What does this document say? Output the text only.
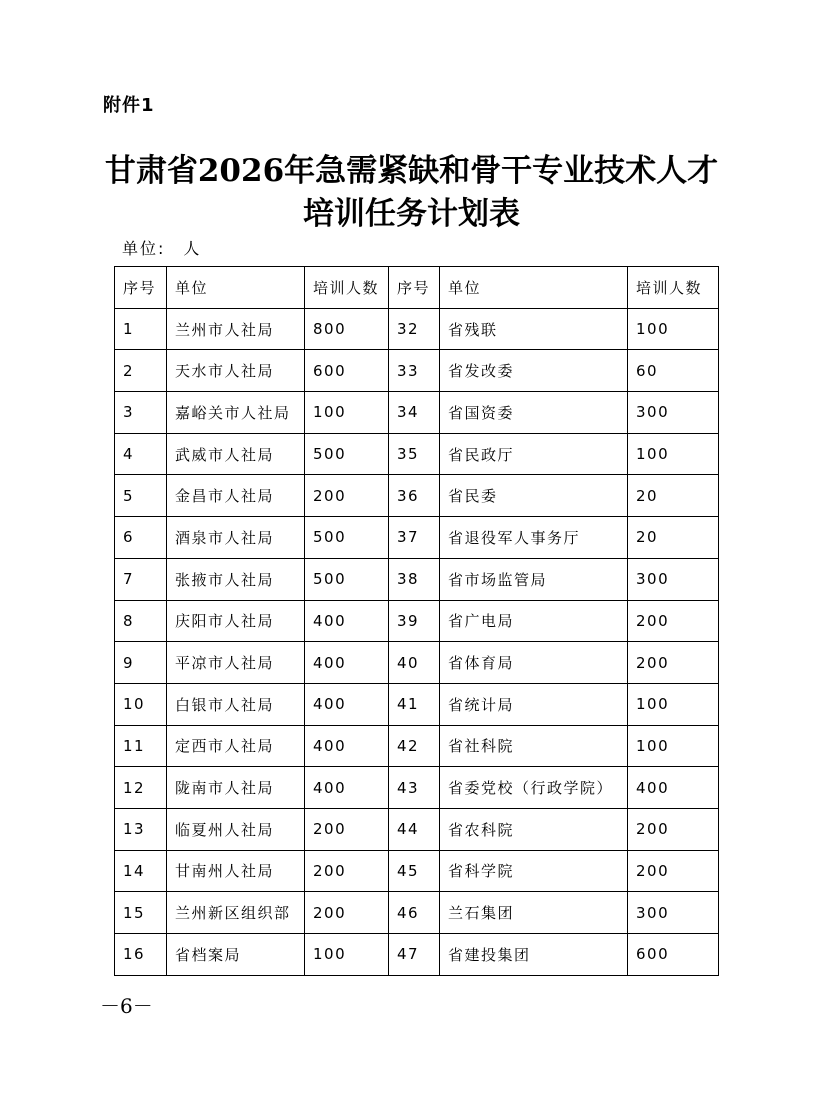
附件1
甘肃省2026年急需紧缺和骨干专业技术人才
培训任务计划表
单位: 人
序号	单位	培训人数	序号	单位	培训人数
1	兰州市人社局	800	32	省残联	100
2	天水市人社局	600	33	省发改委	60
3	嘉峪关市人社局	100	34	省国资委	300
4	武威市人社局	500	35	省民政厅	100
5	金昌市人社局	200	36	省民委	20
6	酒泉市人社局	500	37	省退役军人事务厅	20
7	张掖市人社局	500	38	省市场监管局	300
8	庆阳市人社局	400	39	省广电局	200
9	平凉市人社局	400	40	省体育局	200
10	白银市人社局	400	41	省统计局	100
11	定西市人社局	400	42	省社科院	100
12	陇南市人社局	400	43	省委党校（行政学院）	400
13	临夏州人社局	200	44	省农科院	200
14	甘南州人社局	200	45	省科学院	200
15	兰州新区组织部	200	46	兰石集团	300
16	省档案局	100	47	省建投集团	600
－6－
